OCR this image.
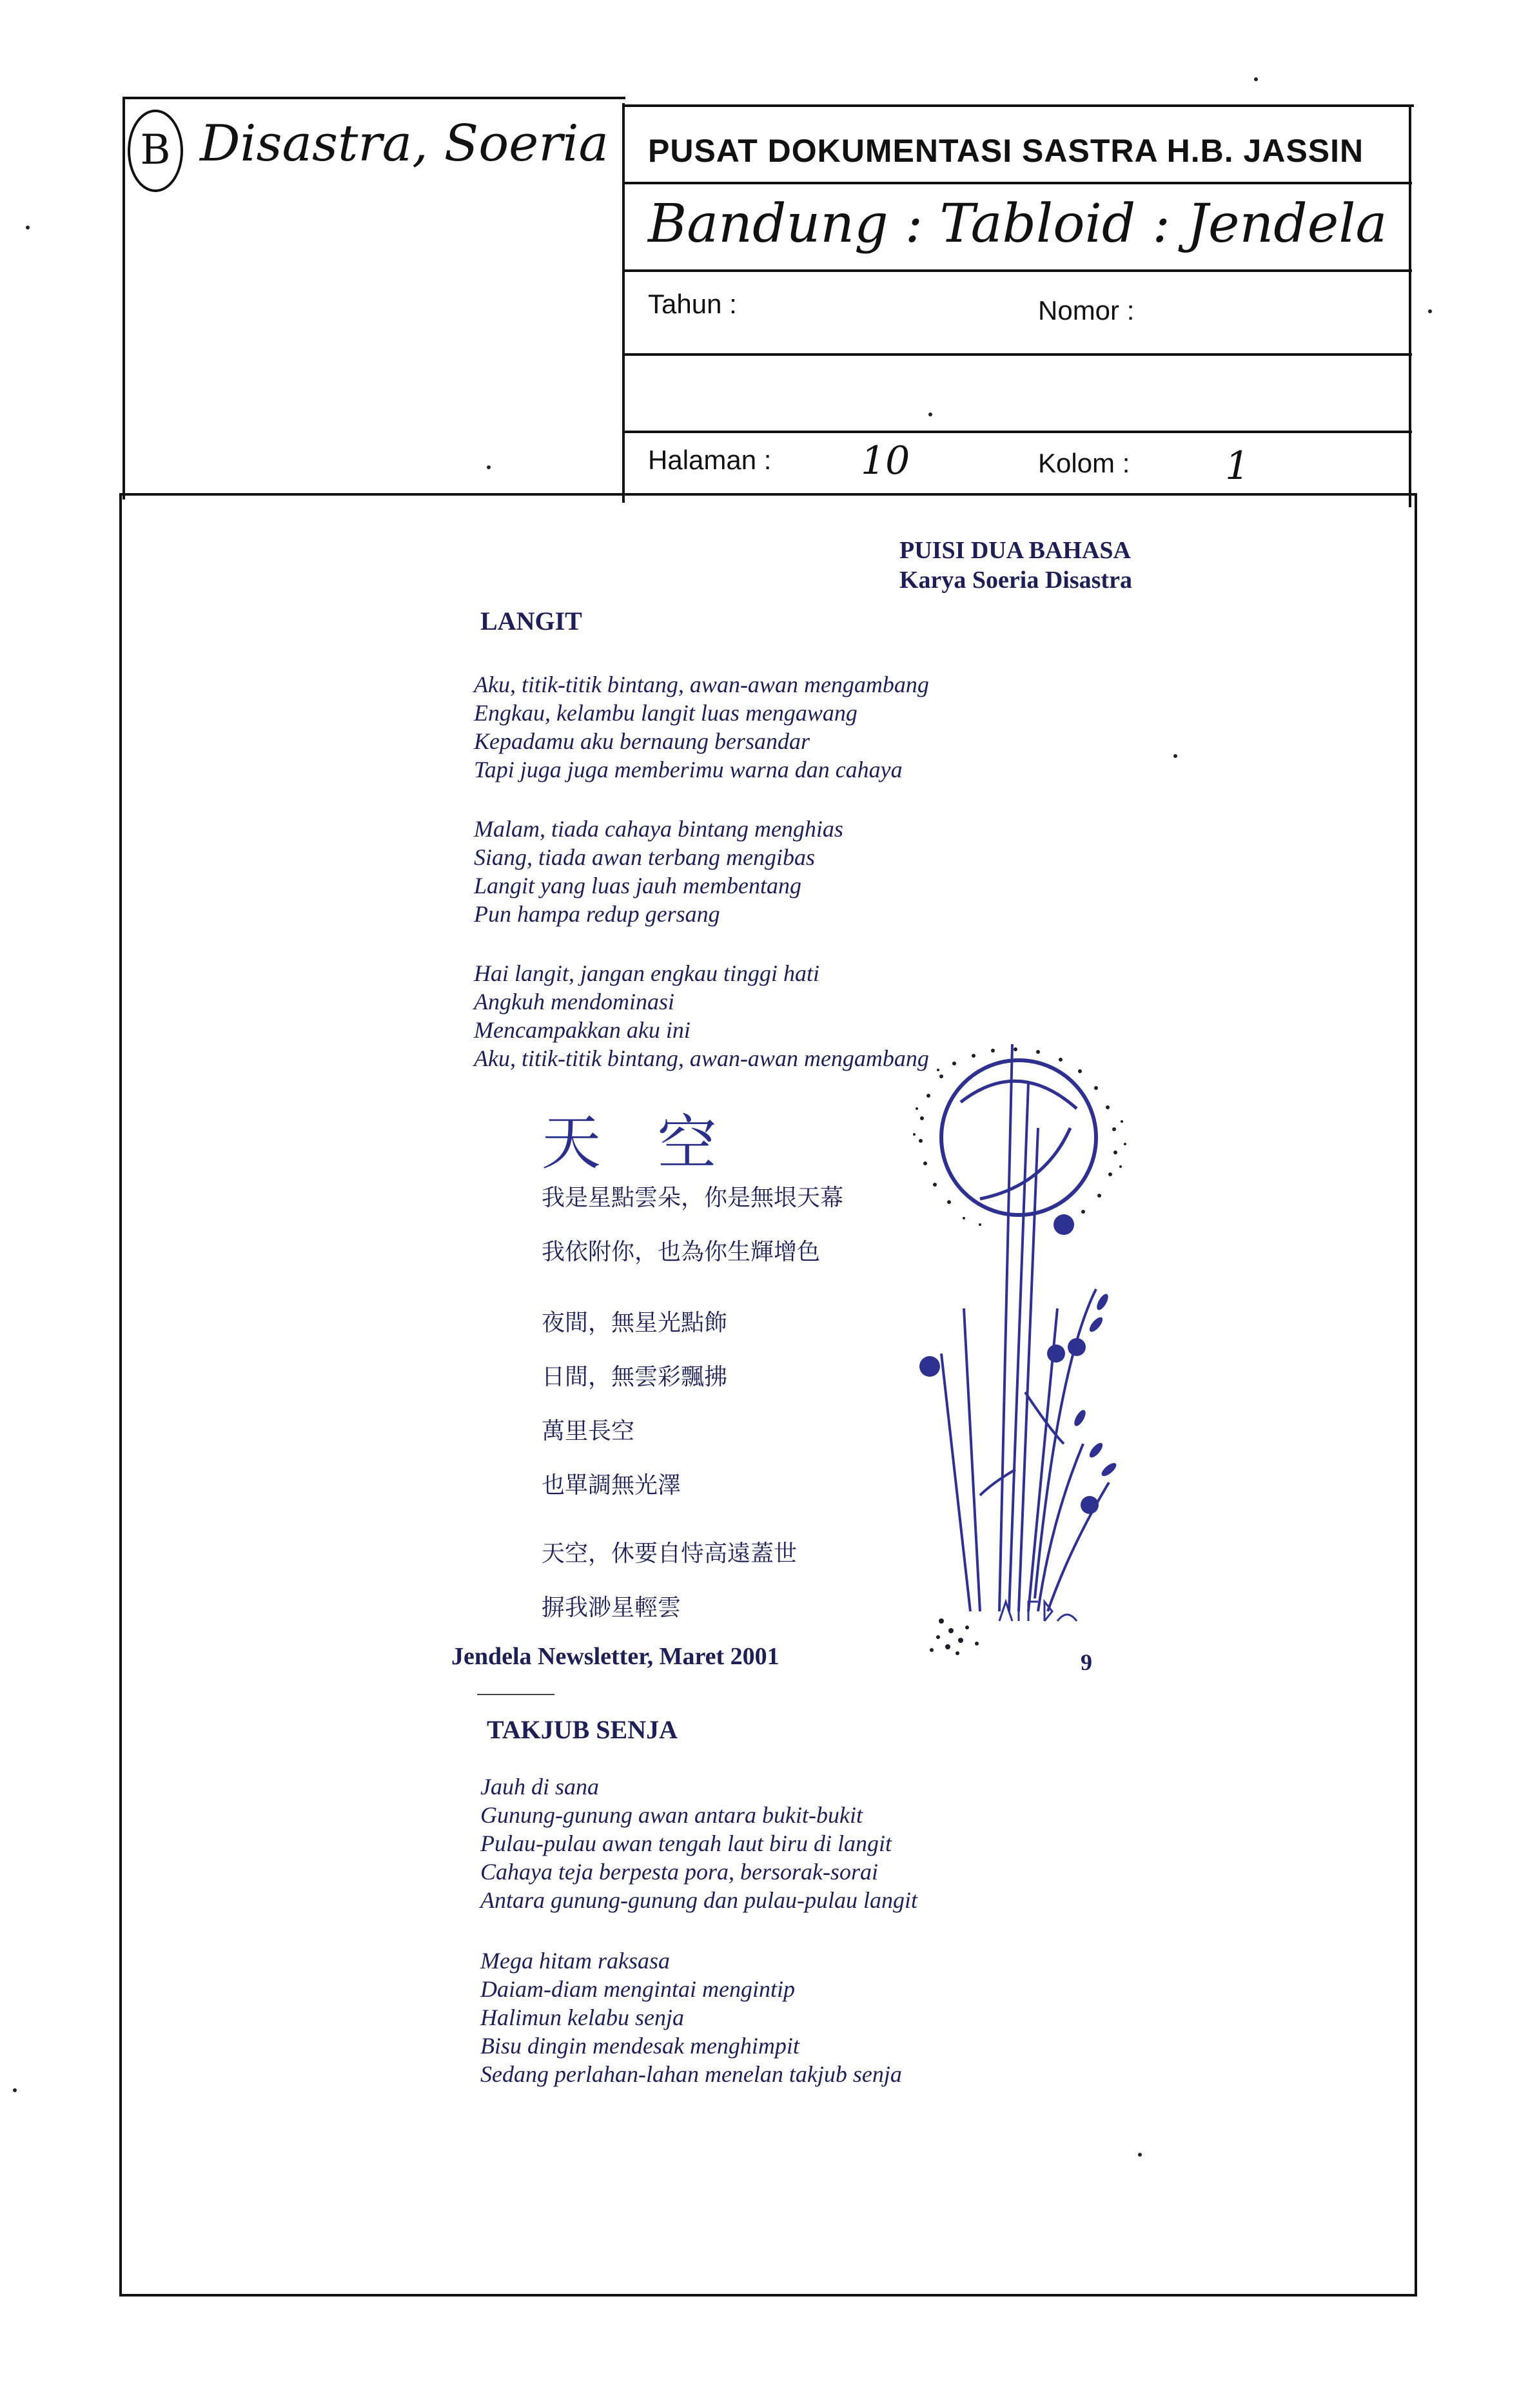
B Disastra, Soeria PUSAT DOKUMENTASI SASTRA H.B. JASSIN
Bandung : Tabloid : Jendela
Tahun :	Nomor :
Halaman : 10	Kolom : 1
PUISI DUA BAHASA
Karya Soeria Disastra
LANGIT
Aku, titik-titik bintang, awan-awan mengambang
Engkau, kelambu langit luas mengawang
Kepadamu aku bernaung bersandar
Tapi juga juga memberimu warna dan cahaya
Malam, tiada cahaya bintang menghias
Siang, tiada awan terbang mengibas
Langit yang luas jauh membentang
Pun hampa redup gersang
Hai langit, jangan engkau tinggi hati
Angkuh mendominasi
Mencampakkan aku ini
Aku, titik-titik bintang, awan-awan mengambang
天   空
我是星點雲朵，你是無垠天幕
我依附你，也為你生輝增色
夜間，無星光點飾
日間，無雲彩飄拂
萬里長空
也單調無光澤
天空，休要自恃高遠蓋世
摒我渺星輕雲
Jendela Newsletter, Maret 2001	9
TAKJUB SENJA
Jauh di sana
Gunung-gunung awan antara bukit-bukit
Pulau-pulau awan tengah laut biru di langit
Cahaya teja berpesta pora, bersorak-sorai
Antara gunung-gunung dan pulau-pulau langit
Mega hitam raksasa
Daiam-diam mengintai mengintip
Halimun kelabu senja
Bisu dingin mendesak menghimpit
Sedang perlahan-lahan menelan takjub senja
